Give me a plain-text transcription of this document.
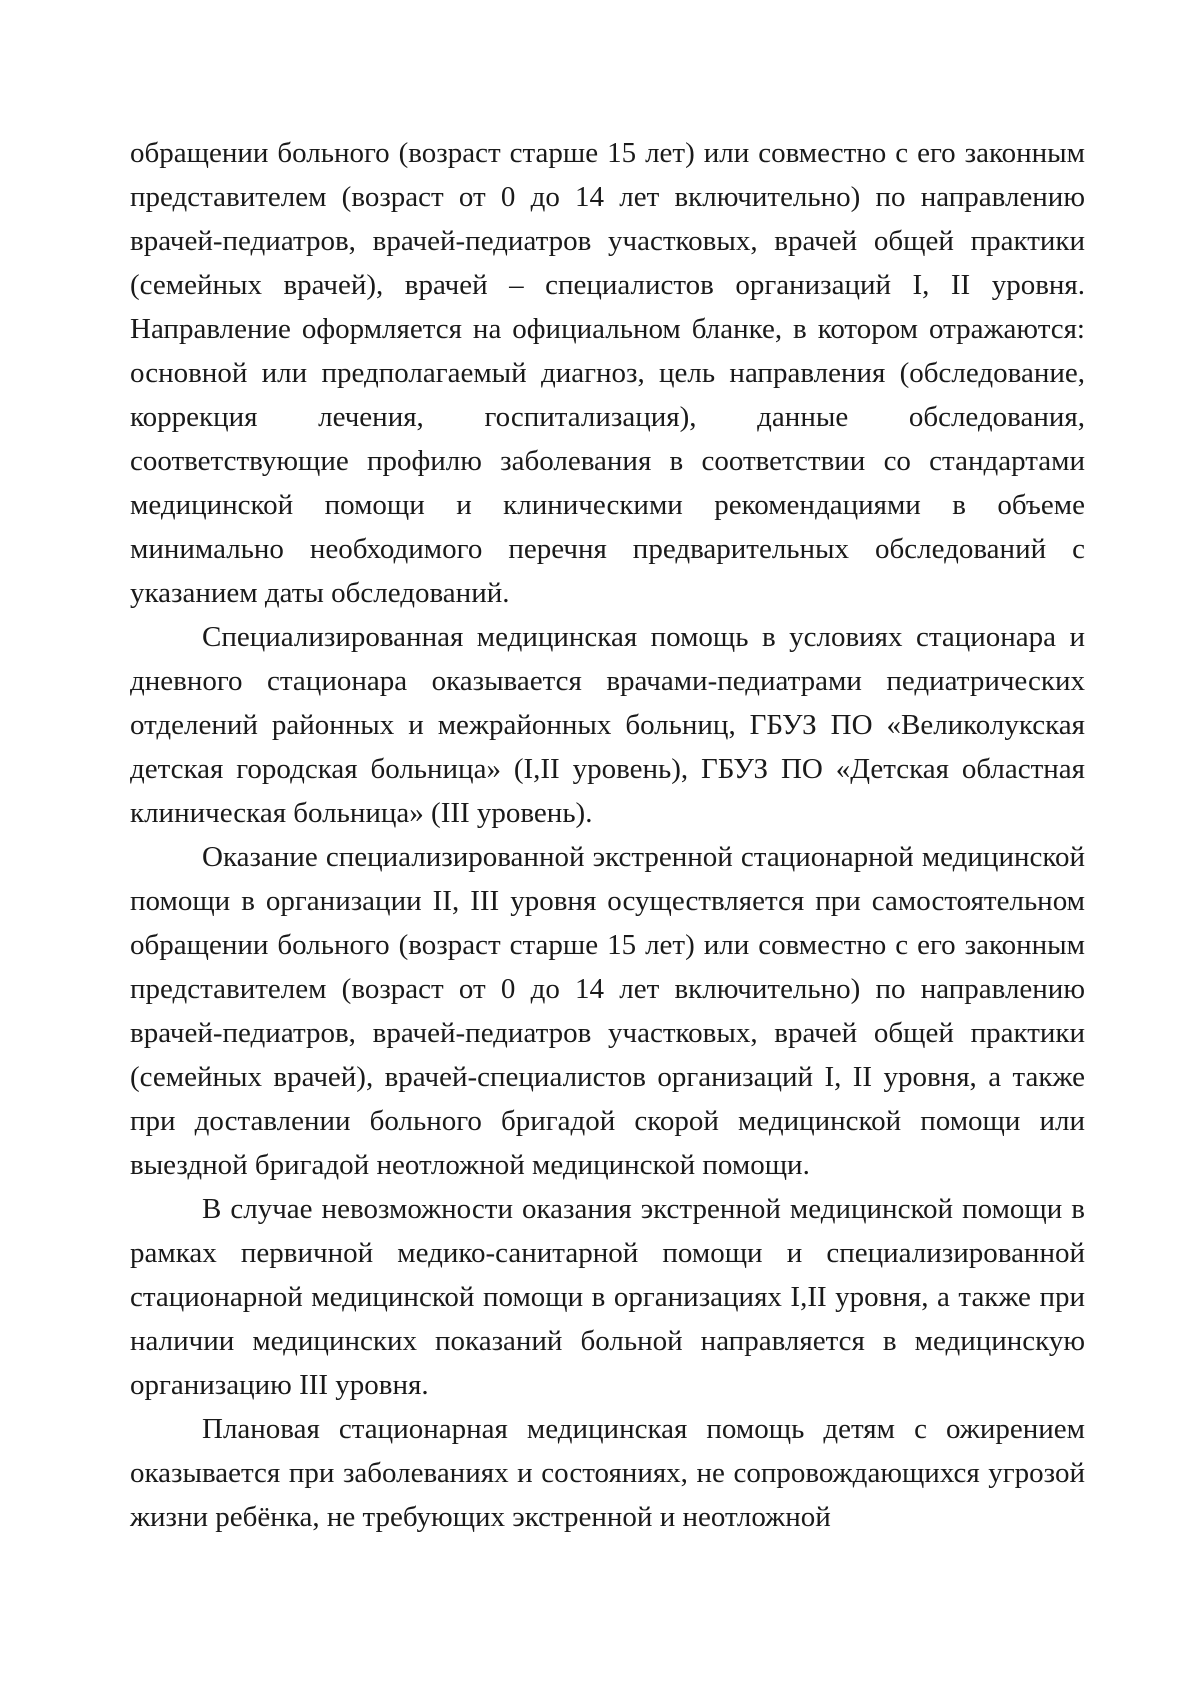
обращении больного (возраст старше 15 лет) или совместно с его законным представителем (возраст от 0 до 14 лет включительно) по направлению врачей-педиатров, врачей-педиатров участковых, врачей общей практики (семейных врачей), врачей – специалистов организаций I, II уровня. Направление оформляется на официальном бланке, в котором отражаются: основной или предполагаемый диагноз, цель направления (обследование, коррекция лечения, госпитализация), данные обследования, соответствующие профилю заболевания в соответствии со стандартами медицинской помощи и клиническими рекомендациями в объеме минимально необходимого перечня предварительных обследований с указанием даты обследований.

Специализированная медицинская помощь в условиях стационара и дневного стационара оказывается врачами-педиатрами педиатрических отделений районных и межрайонных больниц, ГБУЗ ПО «Великолукская детская городская больница» (I,II уровень), ГБУЗ ПО «Детская областная клиническая больница» (III уровень).

Оказание специализированной экстренной стационарной медицинской помощи в организации II, III уровня осуществляется при самостоятельном обращении больного (возраст старше 15 лет) или совместно с его законным представителем (возраст от 0 до 14 лет включительно) по направлению врачей-педиатров, врачей-педиатров участковых, врачей общей практики (семейных врачей), врачей-специалистов организаций I, II уровня, а также при доставлении больного бригадой скорой медицинской помощи или выездной бригадой неотложной медицинской помощи.

В случае невозможности оказания экстренной медицинской помощи в рамках первичной медико-санитарной помощи и специализированной стационарной медицинской помощи в организациях I,II уровня, а также при наличии медицинских показаний больной направляется в медицинскую организацию III уровня.

Плановая стационарная медицинская помощь детям с ожирением оказывается при заболеваниях и состояниях, не сопровождающихся угрозой жизни ребёнка, не требующих экстренной и неотложной
